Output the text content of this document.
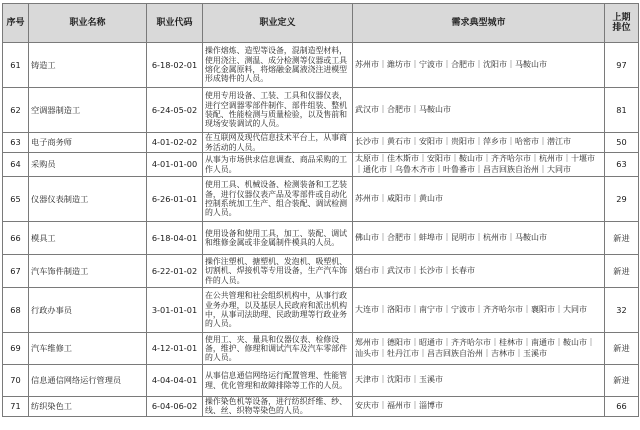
序号	职业名称	职业代码	职业定义	需求典型城市	上期
排位
61	铸造工	6-18-02-01	操作熔炼、造型等设备，混制造型材料，使用浇注、测温、成分检测等仪器或工具熔化金属原料，将熔融金属液浇注进模型形成铸件的人员。	苏州市｜潍坊市｜宁波市｜合肥市｜沈阳市｜马鞍山市	97
62	空调器制造工	6-24-05-02	使用专用设备、工装、工具和仪器仪表，进行空调器零部件制作、部件组装、整机装配、性能检测与质量检验，以及售前和现场安装调试的人员。	武汉市｜合肥市｜马鞍山市	81
63	电子商务师	4-01-02-02	在互联网及现代信息技术平台上，从事商务活动的人员。	长沙市｜黄石市｜安阳市｜贵阳市｜萍乡市｜哈密市｜潜江市	50
64	采购员	4-01-01-00	从事为市场供求信息调查、商品采购的工作人员。	太原市｜佳木斯市｜安阳市｜鞍山市｜齐齐哈尔市｜杭州市｜十堰市｜通化市｜乌鲁木齐市｜叶鲁番市｜昌吉回族自治州｜大同市	63
65	仪器仪表制造工	6-26-01-01	使用工具、机械设备、检测装备和工艺装备，进行仪器仪表产品及零部件或自动化控制系统加工生产、组合装配、调试检测的人员。	苏州市｜咸阳市｜黄山市	29
66	模具工	6-18-04-01	使用设备和使用工具，加工、装配、调试和维修金属或非金属制件模具的人员。	佛山市｜合肥市｜蚌埠市｜昆明市｜杭州市｜马鞍山市	新进
67	汽车饰件制造工	6-22-01-02	操作注塑机、搪塑机、发泡机、吸塑机、切割机、焊接机等专用设备，生产汽车饰件的人员。	烟台市｜武汉市｜长沙市｜长春市	新进
68	行政办事员	3-01-01-01	在公共管理和社会组织机构中，从事行政业务办理，以及基层人民政府和派出机构中，从事司法助理、民政助理等行政业务的人员。	大连市｜洛阳市｜南宁市｜宁波市｜齐齐哈尔市｜襄阳市｜大同市	32
69	汽车维修工	4-12-01-01	使用工、夹、量具和仪器仪表、检修设备，维护、修理和调试汽车及汽车零部件的人员。	郑州市｜德阳市｜昭通市｜齐齐哈尔市｜桂林市｜南通市｜鞍山市｜汕头市｜牡丹江市｜昌吉回族自治州｜吉林市｜玉溪市	新进
70	信息通信网络运行管理员	4-04-04-01	从事信息通信网络运行配置管理、性能管理、优化管理和故障排除等工作的人员。	天津市｜沈阳市｜玉溪市	新进
71	纺织染色工	6-04-06-02	操作染色机等设备，进行纺织纤维、纱、线、丝、织物等染色的人员。	安庆市｜福州市｜淄博市	66
